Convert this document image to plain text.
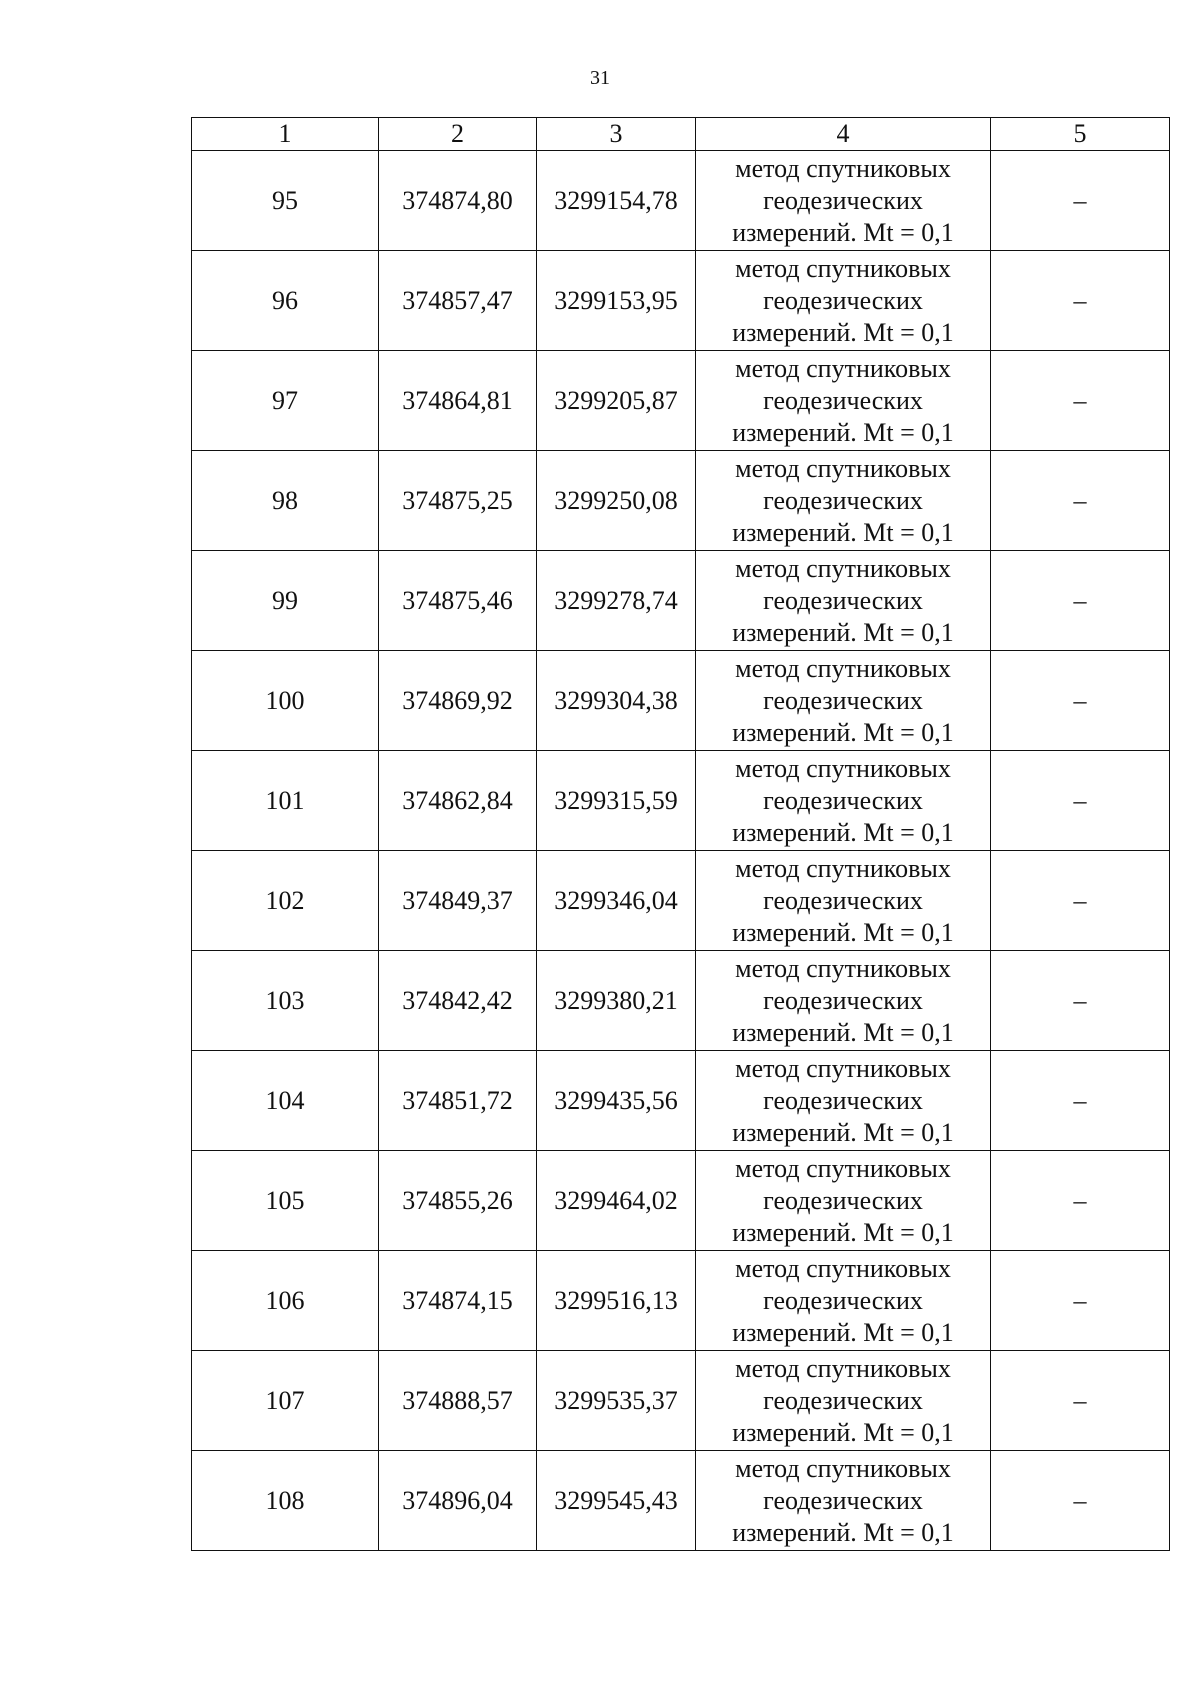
31
1	2	3	4	5
95	374874,80	3299154,78	метод спутниковых
геодезических
измерений. Mt = 0,1	–
96	374857,47	3299153,95	метод спутниковых
геодезических
измерений. Mt = 0,1	–
97	374864,81	3299205,87	метод спутниковых
геодезических
измерений. Mt = 0,1	–
98	374875,25	3299250,08	метод спутниковых
геодезических
измерений. Mt = 0,1	–
99	374875,46	3299278,74	метод спутниковых
геодезических
измерений. Mt = 0,1	–
100	374869,92	3299304,38	метод спутниковых
геодезических
измерений. Mt = 0,1	–
101	374862,84	3299315,59	метод спутниковых
геодезических
измерений. Mt = 0,1	–
102	374849,37	3299346,04	метод спутниковых
геодезических
измерений. Mt = 0,1	–
103	374842,42	3299380,21	метод спутниковых
геодезических
измерений. Mt = 0,1	–
104	374851,72	3299435,56	метод спутниковых
геодезических
измерений. Mt = 0,1	–
105	374855,26	3299464,02	метод спутниковых
геодезических
измерений. Mt = 0,1	–
106	374874,15	3299516,13	метод спутниковых
геодезических
измерений. Mt = 0,1	–
107	374888,57	3299535,37	метод спутниковых
геодезических
измерений. Mt = 0,1	–
108	374896,04	3299545,43	метод спутниковых
геодезических
измерений. Mt = 0,1	–
